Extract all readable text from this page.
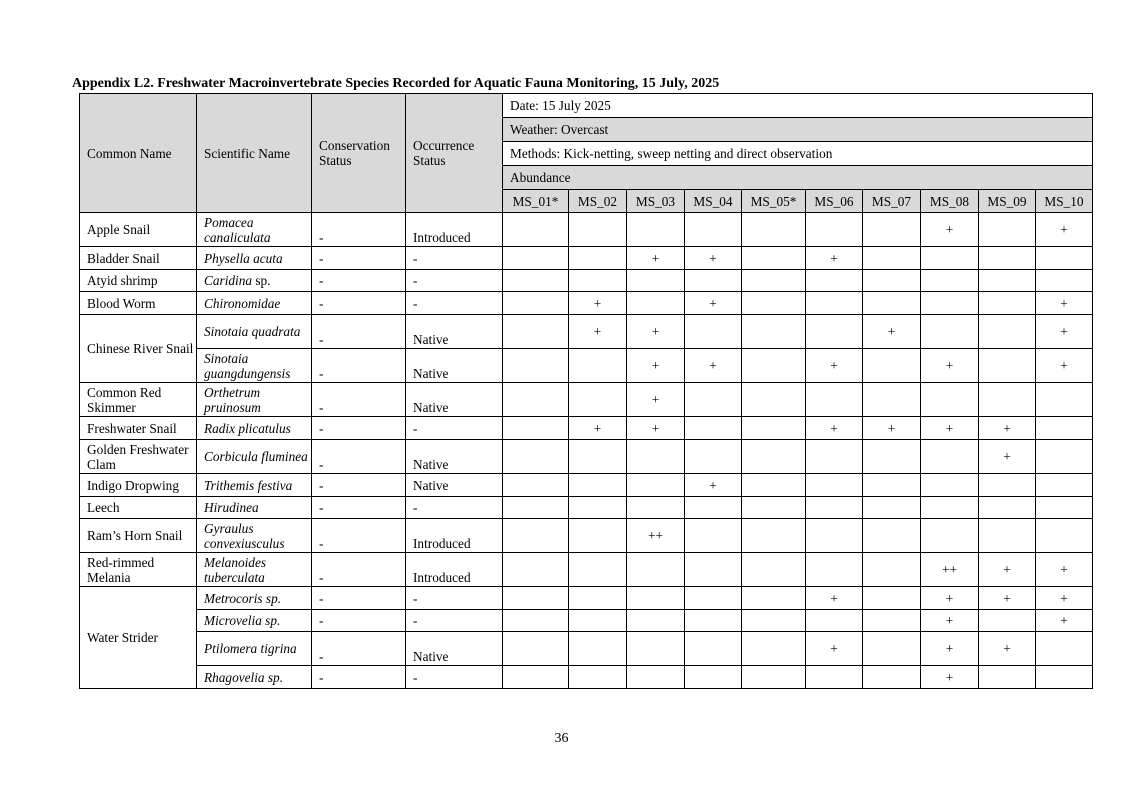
Appendix L2. Freshwater Macroinvertebrate Species Recorded for Aquatic Fauna Monitoring, 15 July, 2025
Common Name	Scientific Name	Conservation Status	Occurrence Status	Date: 15 July 2025									
				Weather: Overcast									
				Methods: Kick-netting, sweep netting and direct observation									
				Abundance									
				MS_01*	MS_02	MS_03	MS_04	MS_05*	MS_06	MS_07	MS_08	MS_09	MS_10
Apple Snail	Pomacea canaliculata	-	Introduced								+		+
Bladder Snail	Physella acuta	-	-			+	+		+				
Atyid shrimp	Caridina sp.	-	-										
Blood Worm	Chironomidae	-	-		+		+						+
Chinese River Snail	Sinotaia quadrata	-	Native		+	+				+			+
	Sinotaia guangdungensis	-	Native			+	+		+		+		+
Common Red Skimmer	Orthetrum pruinosum	-	Native			+							
Freshwater Snail	Radix plicatulus	-	-		+	+			+	+	+	+	
Golden Freshwater Clam	Corbicula fluminea	-	Native									+	
Indigo Dropwing	Trithemis festiva	-	Native				+						
Leech	Hirudinea	-	-										
Ram’s Horn Snail	Gyraulus convexiusculus	-	Introduced			++							
Red-rimmed Melania	Melanoides tuberculata	-	Introduced								++	+	+
Water Strider	Metrocoris sp.	-	-						+		+	+	+
	Microvelia sp.	-	-								+		+
	Ptilomera tigrina	-	Native						+		+	+	
	Rhagovelia sp.	-	-								+		
36
